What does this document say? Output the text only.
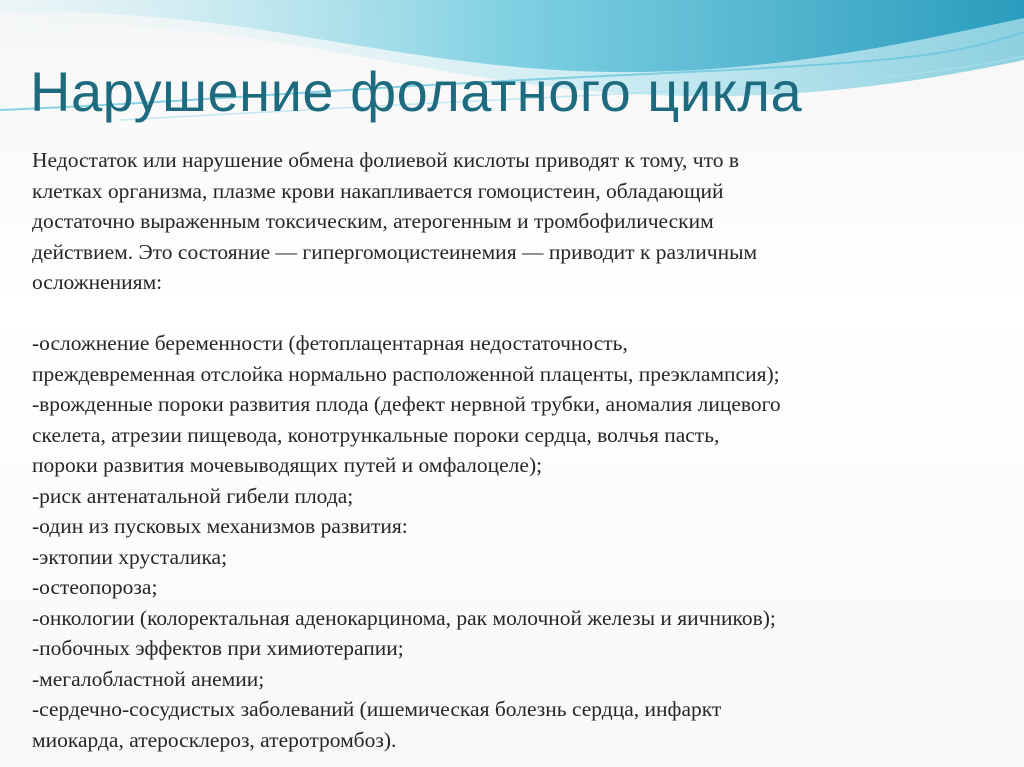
Нарушение фолатного цикла

Недостаток или нарушение обмена фолиевой кислоты приводят к тому, что в

клетках организма, плазме крови накапливается гомоцистеин, обладающий

достаточно выраженным токсическим, атерогенным и тромбофилическим

действием. Это состояние — гипергомоцистеинемия — приводит к различным

осложнениям:

-осложнение беременности (фетоплацентарная недостаточность,

преждевременная отслойка нормально расположенной плаценты, преэклампсия);

-врожденные пороки развития плода (дефект нервной трубки, аномалия лицевого

скелета, атрезии пищевода, конотрункальные пороки сердца, волчья пасть,

пороки развития мочевыводящих путей и омфалоцеле);

-риск антенатальной гибели плода;

-один из пусковых механизмов развития:

-эктопии хрусталика;

-остеопороза;

-онкологии (колоректальная аденокарцинома, рак молочной железы и яичников);

-побочных эффектов при химиотерапии;

-мегалобластной анемии;

-сердечно-сосудистых заболеваний (ишемическая болезнь сердца, инфаркт

миокарда, атеросклероз, атеротромбоз).
